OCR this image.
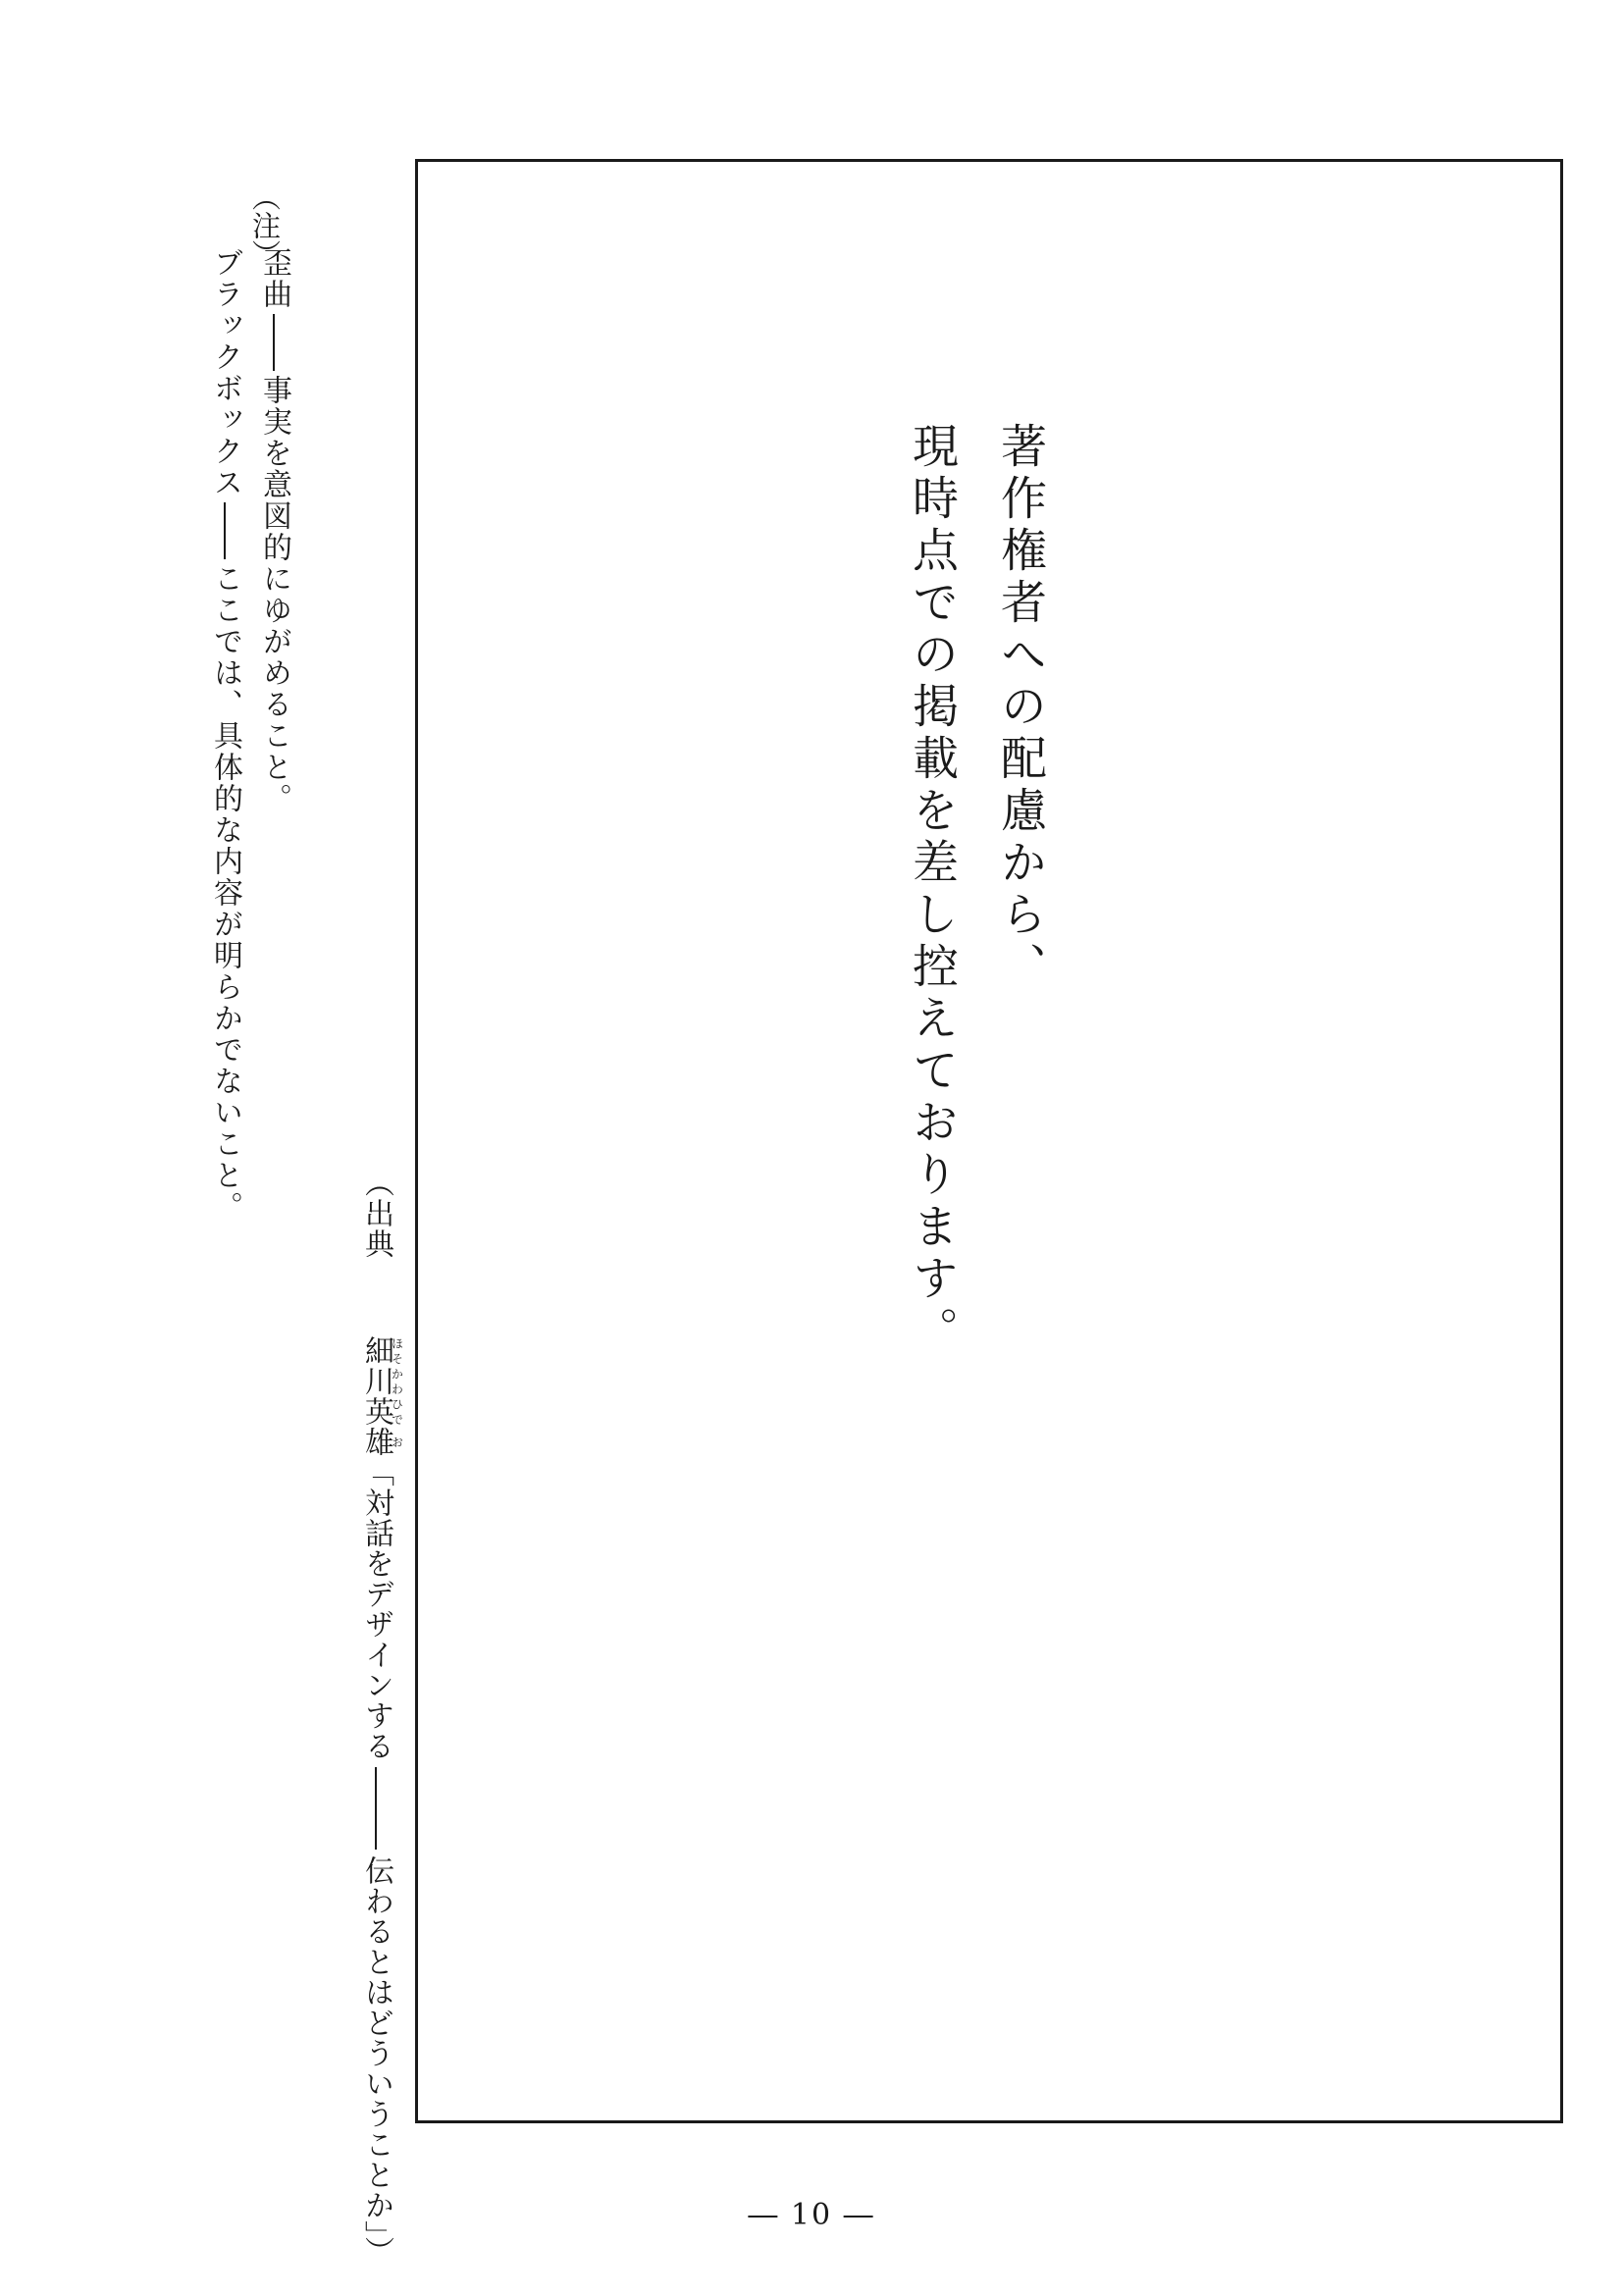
著作権者への配慮から、
現時点での掲載を差し控えております。
（出典細ほそ川かわ英ひで雄お「対話をデザインする伝わるとはどういうことか」）
（注）
歪曲事実を意図的にゆがめること。
ブラックボックスここでは、具体的な内容が明らかでないこと。
― 10 ―
